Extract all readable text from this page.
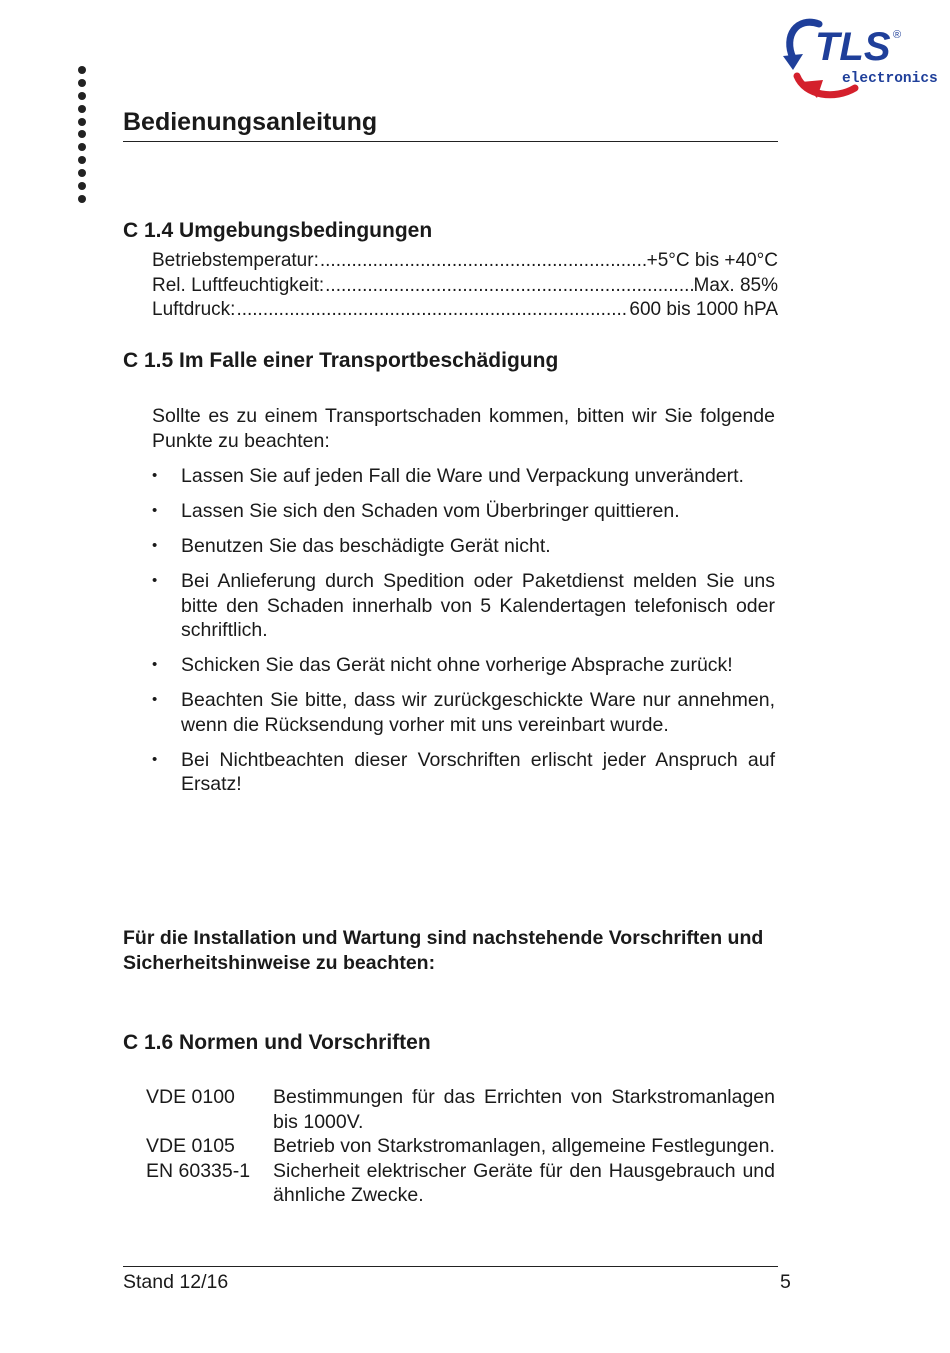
TLS ®
electronics
Bedienungsanleitung
C 1.4 Umgebungsbedingungen
Betriebstemperatur: .....	+5°C bis +40°C
Rel. Luftfeuchtigkeit: .....	Max. 85%
Luftdruck: .....	600 bis 1000 hPA
C 1.5 Im Falle einer Transportbeschädigung
Sollte es zu einem Transportschaden kommen, bitten wir Sie folgende Punkte zu beachten:
• Lassen Sie auf jeden Fall die Ware und Verpackung unverändert.
• Lassen Sie sich den Schaden vom Überbringer quittieren.
• Benutzen Sie das beschädigte Gerät nicht.
• Bei Anlieferung durch Spedition oder Paketdienst melden Sie uns bitte den Schaden innerhalb von 5 Kalendertagen telefonisch oder schriftlich.
• Schicken Sie das Gerät nicht ohne vorherige Absprache zurück!
• Beachten Sie bitte, dass wir zurückgeschickte Ware nur annehmen, wenn die Rücksendung vorher mit uns vereinbart wurde.
• Bei Nichtbeachten dieser Vorschriften erlischt jeder Anspruch auf Ersatz!
Für die Installation und Wartung sind nachstehende Vorschriften und Sicherheitshinweise zu beachten:
C 1.6 Normen und Vorschriften
VDE 0100	Bestimmungen für das Errichten von Starkstromanlagen bis 1000V.
VDE 0105	Betrieb von Starkstromanlagen, allgemeine Festlegungen.
EN 60335-1	Sicherheit elektrischer Geräte für den Hausgebrauch und ähnliche Zwecke.
Stand 12/16	5
